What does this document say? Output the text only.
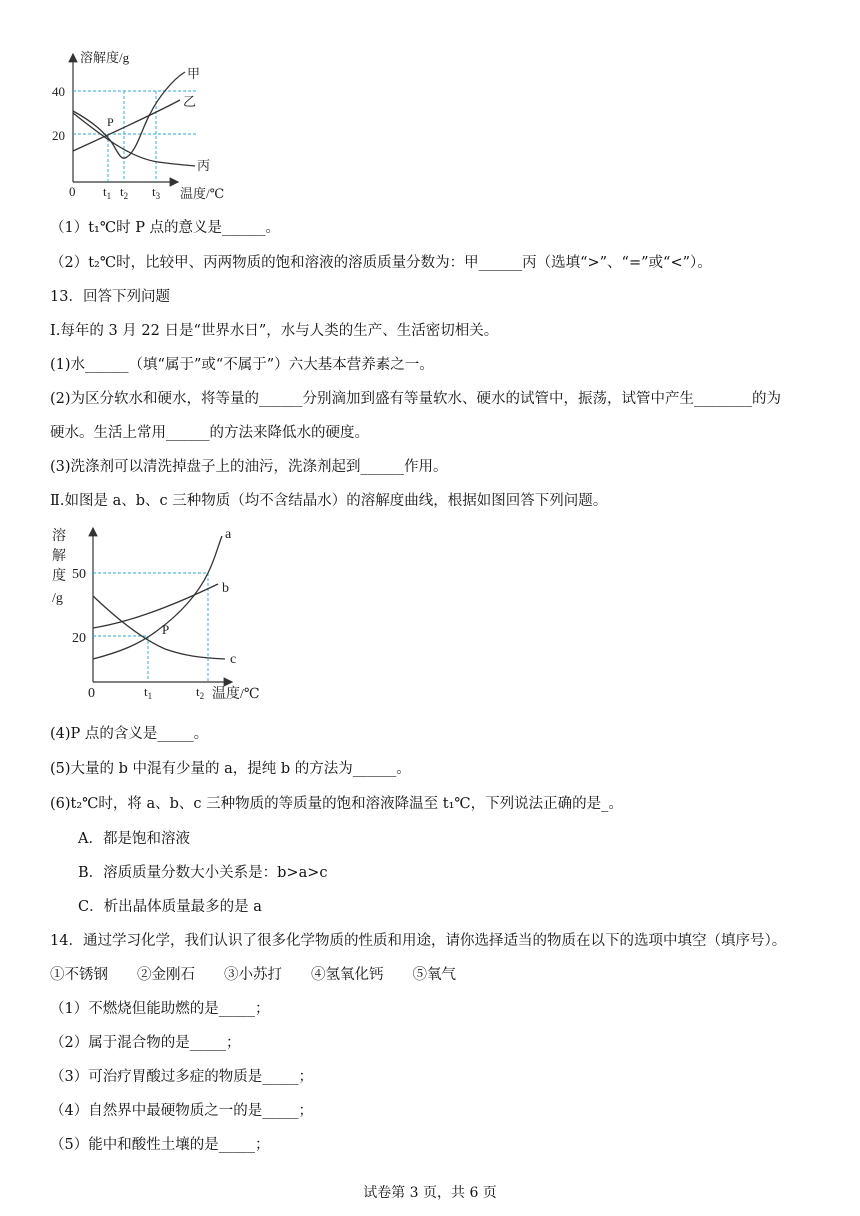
溶解度/g
温度/℃
40
20
0 $t_1$ $t_2$ $t_3$
甲
乙
丙
P
（1）t₁℃时 P 点的意义是______。
（2）t₂℃时，比较甲、丙两物质的饱和溶液的溶质质量分数为：甲______丙（选填“>”、“=”或“<”）。
13．回答下列问题
Ⅰ.每年的 3 月 22 日是“世界水日”，水与人类的生产、生活密切相关。
(1)水______（填“属于”或“不属于”）六大基本营养素之一。
(2)为区分软水和硬水，将等量的______分别滴加到盛有等量软水、硬水的试管中，振荡，试管中产生________的为
硬水。生活上常用______的方法来降低水的硬度。
(3)洗涤剂可以清洗掉盘子上的油污，洗涤剂起到______作用。
Ⅱ.如图是 a、b、c 三种物质（均不含结晶水）的溶解度曲线，根据如图回答下列问题。
溶
解
度
/g
50
20
0	温度/℃
$t_1$	$t_2$
a
b
c
P
(4)P 点的含义是_____。
(5)大量的 b 中混有少量的 a，提纯 b 的方法为______。
(6)t₂℃时，将 a、b、c 三种物质的等质量的饱和溶液降温至 t₁℃，下列说法正确的是_。
A．都是饱和溶液
B．溶质质量分数大小关系是：b>a>c
C．析出晶体质量最多的是 a
14．通过学习化学，我们认识了很多化学物质的性质和用途，请你选择适当的物质在以下的选项中填空（填序号）。
①不锈钢　　②金刚石　　③小苏打　　④氢氧化钙　　⑤氧气
（1）不燃烧但能助燃的是_____；
（2）属于混合物的是_____；
（3）可治疗胃酸过多症的物质是_____；
（4）自然界中最硬物质之一的是_____；
（5）能中和酸性土壤的是_____；
试卷第 3 页，共 6 页
